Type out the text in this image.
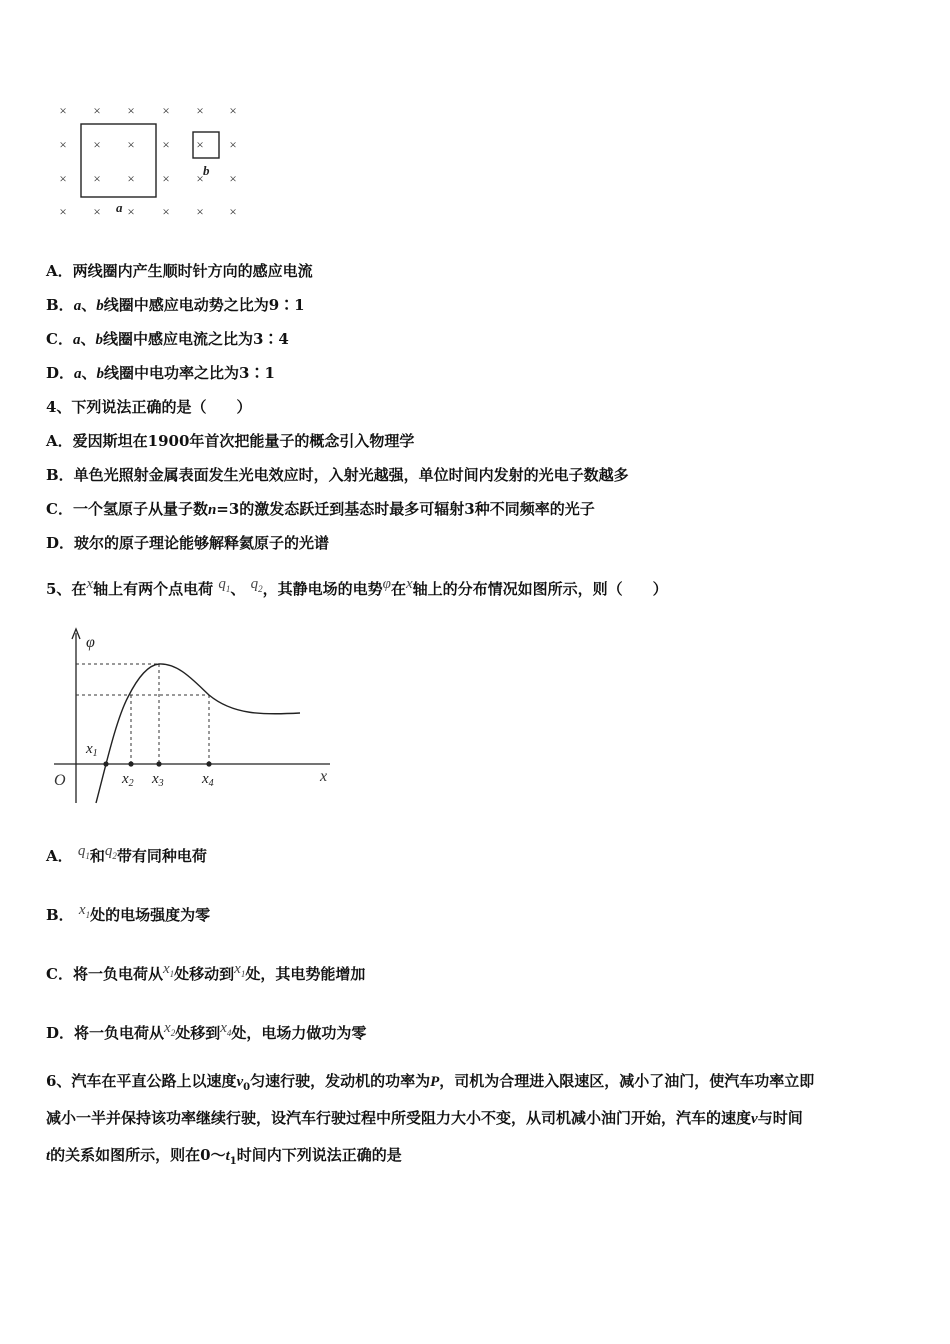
× × × × × ×
× × × × × ×
× × × × × ×
× × × × × ×
a
b
A．两线圈内产生顺时针方向的感应电流
B．a、b线圈中感应电动势之比为9∶1
C．a、b线圈中感应电流之比为3∶4
D．a、b线圈中电功率之比为3∶1
4、下列说法正确的是（　　）
A．爱因斯坦在1900年首次把能量子的概念引入物理学
B．单色光照射金属表面发生光电效应时，入射光越强，单位时间内发射的光电子数越多
C．一个氢原子从量子数n=3的激发态跃迁到基态时最多可辐射3种不同频率的光子
D．玻尔的原子理论能够解释氦原子的光谱
5、在x轴上有两个点电荷 $q_1$、 $q_2$，其静电场的电势φ在x轴上的分布情况如图所示，则（　　）
φ
O	x
$x_1$
$x_2$ $x_3$	$x_4$
A． $q_1$和$q_2$带有同种电荷
B． $x_1$处的电场强度为零
C．将一负电荷从$x_1$处移动到$x_1$处，其电势能增加
D．将一负电荷从$x_2$处移到$x_4$处，电场力做功为零
6、汽车在平直公路上以速度$v_0$匀速行驶，发动机的功率为P，司机为合理进入限速区，减小了油门，使汽车功率立即
减小一半并保持该功率继续行驶，设汽车行驶过程中所受阻力大小不变，从司机减小油门开始，汽车的速度v与时间
t的关系如图所示，则在$0\sim t_1$时间内下列说法正确的是
